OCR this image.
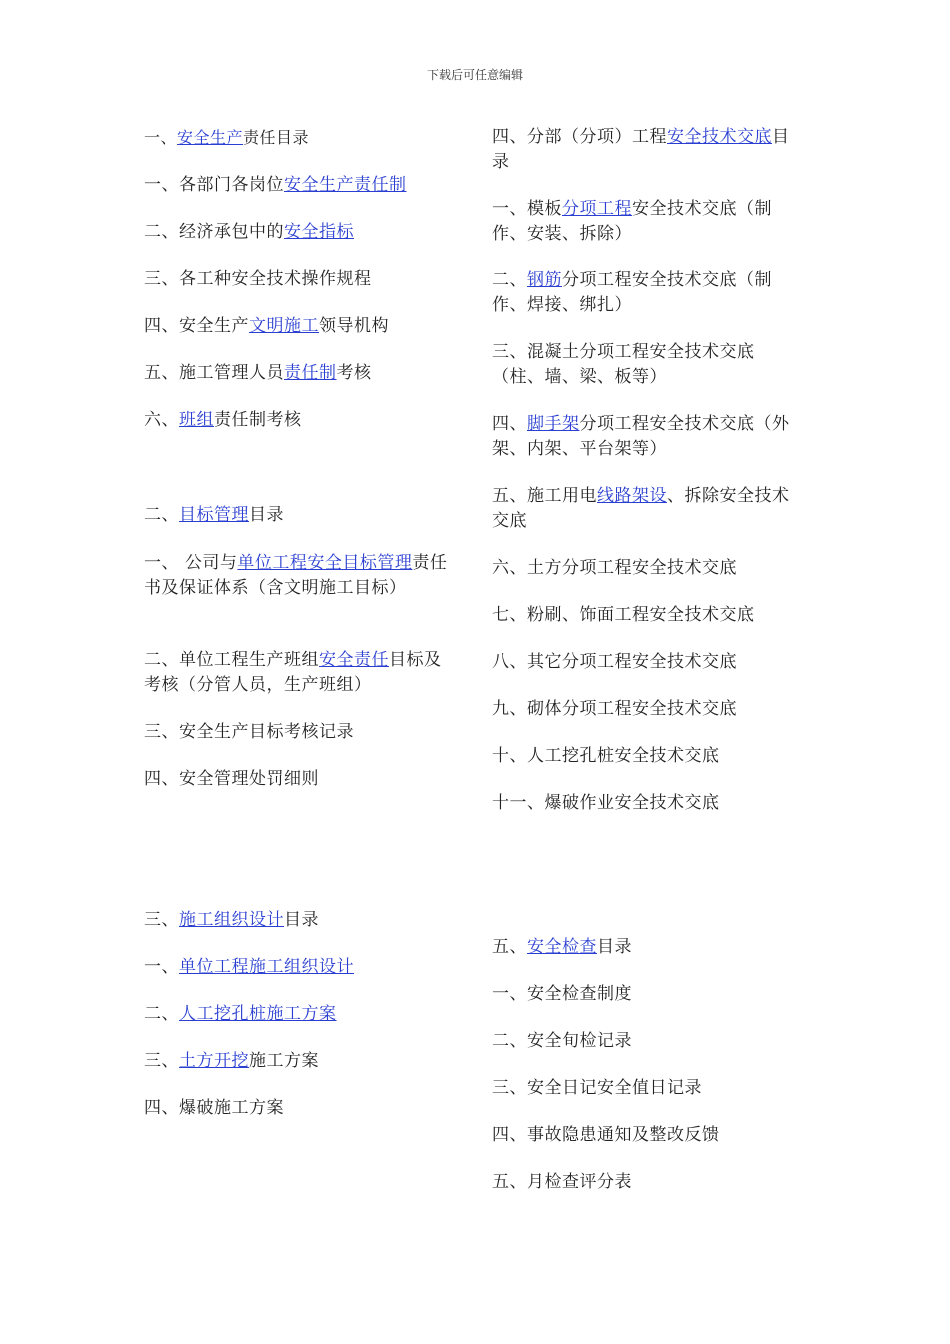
下载后可任意编辑
一、安全生产责任目录
一、各部门各岗位安全生产责任制
二、经济承包中的安全指标
三、各工种安全技术操作规程
四、安全生产文明施工领导机构
五、施工管理人员责任制考核
六、班组责任制考核
二、目标管理目录
一、 公司与单位工程安全目标管理责任书及保证体系（含文明施工目标）
二、单位工程生产班组安全责任目标及考核（分管人员，生产班组）
三、安全生产目标考核记录
四、安全管理处罚细则
三、施工组织设计目录
一、单位工程施工组织设计
二、人工挖孔桩施工方案
三、土方开挖施工方案
四、爆破施工方案
四、分部（分项）工程安全技术交底目录
一、模板分项工程安全技术交底（制作、安装、拆除）
二、钢筋分项工程安全技术交底（制作、焊接、绑扎）
三、混凝土分项工程安全技术交底（柱、墙、梁、板等）
四、脚手架分项工程安全技术交底（外架、内架、平台架等）
五、施工用电线路架设、拆除安全技术交底
六、土方分项工程安全技术交底
七、粉刷、饰面工程安全技术交底
八、其它分项工程安全技术交底
九、砌体分项工程安全技术交底
十、人工挖孔桩安全技术交底
十一、爆破作业安全技术交底
五、安全检查目录
一、安全检查制度
二、安全旬检记录
三、安全日记安全值日记录
四、事故隐患通知及整改反馈
五、月检查评分表
